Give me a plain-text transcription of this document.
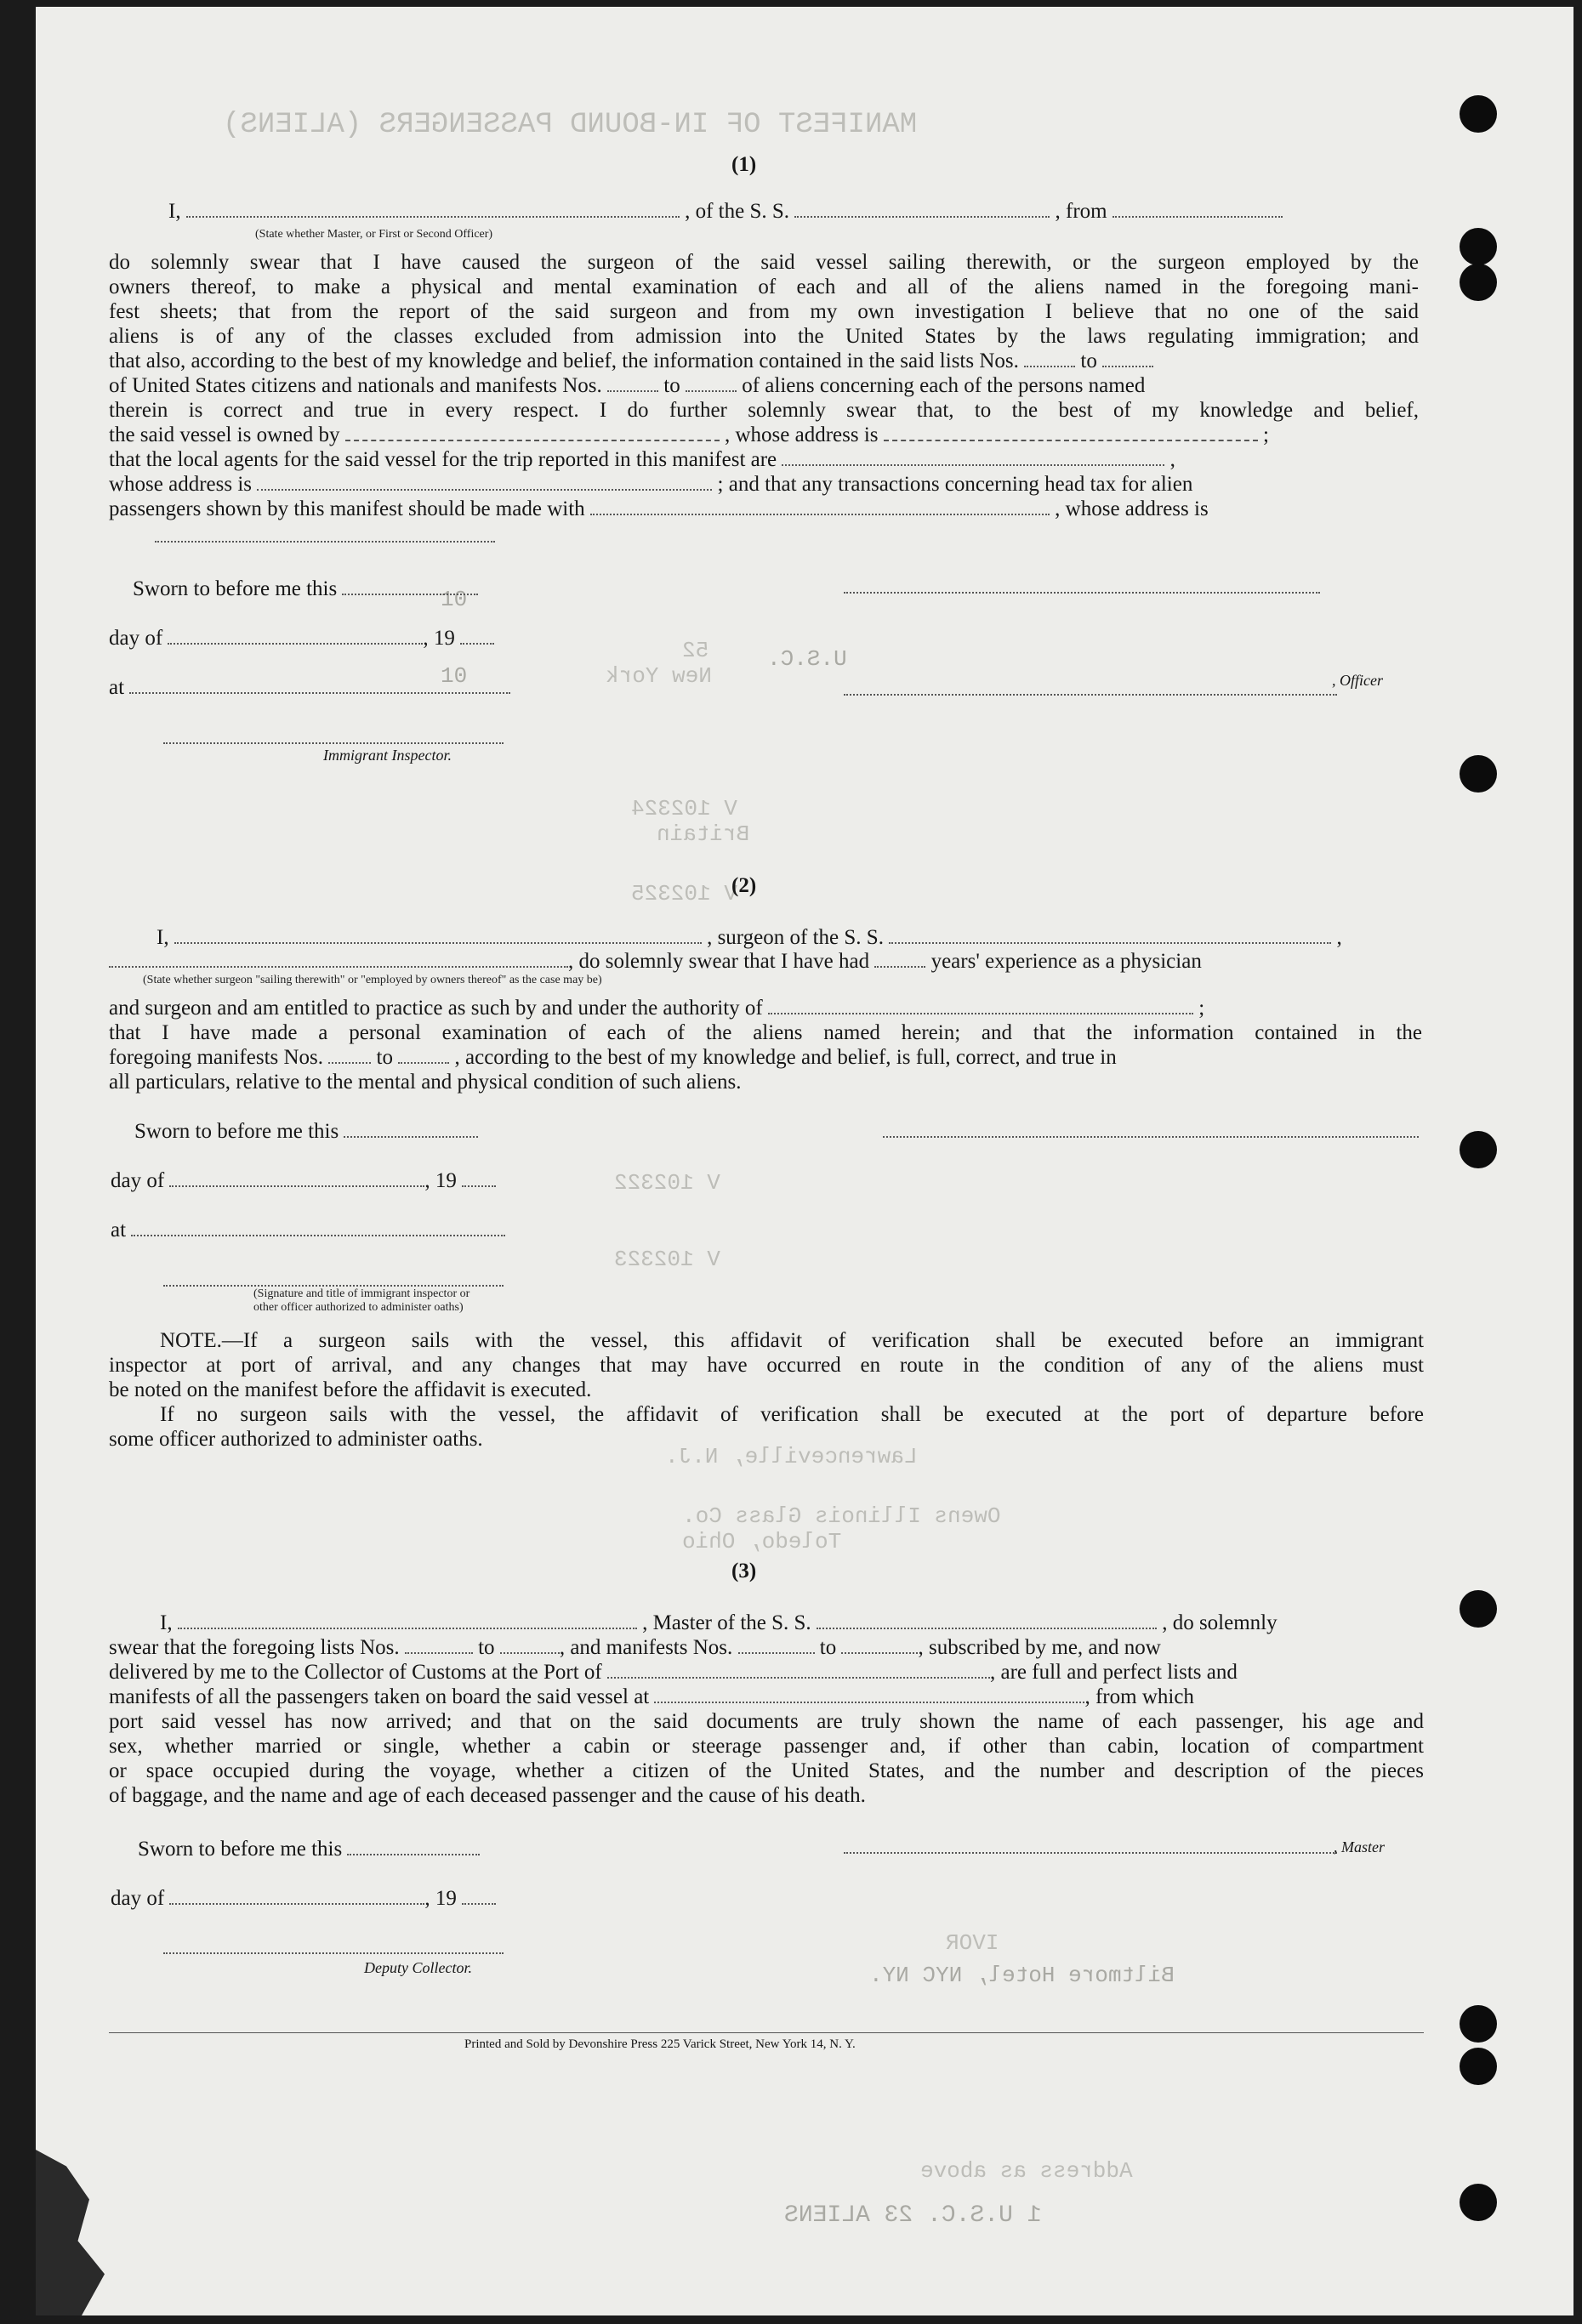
MANIFEST OF IN-BOUND PASSENGERS (ALIENS)
10
10
U.S.C.
New York
52
V 102324
Britain
V 102325
V 102322
V 102323
Lawrenceville, N.J.
Owens Illinois Glass Co.
Toledo, Ohio
IVOR
Biltmore Hotel, NYC NY.
Address as above
1 U.S.C. 23 ALIENS
(1)
I,	, of the S. S.	, from
(State whether Master, or First or Second Officer)
do solemnly swear that I have caused the surgeon of the said vessel sailing therewith, or the surgeon employed by the
owners thereof, to make a physical and mental examination of each and all of the aliens named in the foregoing mani-
fest sheets; that from the report of the said surgeon and from my own investigation I believe that no one of the said
aliens is of any of the classes excluded from admission into the United States by the laws regulating immigration; and
that also, according to the best of my knowledge and belief, the information contained in the said lists Nos.	to
of United States citizens and nationals and manifests Nos.	to	of aliens concerning each of the persons named
therein is correct and true in every respect. I do further solemnly swear that, to the best of my knowledge and belief,
the said vessel is owned by	, whose address is	;
that the local agents for the said vessel for the trip reported in this manifest are	,
whose address is	; and that any transactions concerning head tax for alien
passengers shown by this manifest should be made with	, whose address is
Sworn to before me this
day of	, 19
at	, Officer
Immigrant Inspector.
(2)
I,	, surgeon of the S. S.	,
, do solemnly swear that I have had	years' experience as a physician
(State whether surgeon "sailing therewith" or "employed by owners thereof" as the case may be)
and surgeon and am entitled to practice as such by and under the authority of	;
that I have made a personal examination of each of the aliens named herein; and that the information contained in the
foregoing manifests Nos.	to	, according to the best of my knowledge and belief, is full, correct, and true in
all particulars, relative to the mental and physical condition of such aliens.
Sworn to before me this
day of	, 19
at
(Signature and title of immigrant inspector or
other officer authorized to administer oaths)
NOTE.—If a surgeon sails with the vessel, this affidavit of verification shall be executed before an immigrant
inspector at port of arrival, and any changes that may have occurred en route in the condition of any of the aliens must
be noted on the manifest before the affidavit is executed.
If no surgeon sails with the vessel, the affidavit of verification shall be executed at the port of departure before
some officer authorized to administer oaths.
(3)
I,	, Master of the S. S.	, do solemnly
swear that the foregoing lists Nos.	to	, and manifests Nos.	to	, subscribed by me, and now
delivered by me to the Collector of Customs at the Port of	, are full and perfect lists and
manifests of all the passengers taken on board the said vessel at	, from which
port said vessel has now arrived; and that on the said documents are truly shown the name of each passenger, his age and
sex, whether married or single, whether a cabin or steerage passenger and, if other than cabin, location of compartment
or space occupied during the voyage, whether a citizen of the United States, and the number and description of the pieces
of baggage, and the name and age of each deceased passenger and the cause of his death.
Sworn to before me this	, Master
day of	, 19
Deputy Collector.
Printed and Sold by Devonshire Press 225 Varick Street, New York 14, N. Y.
